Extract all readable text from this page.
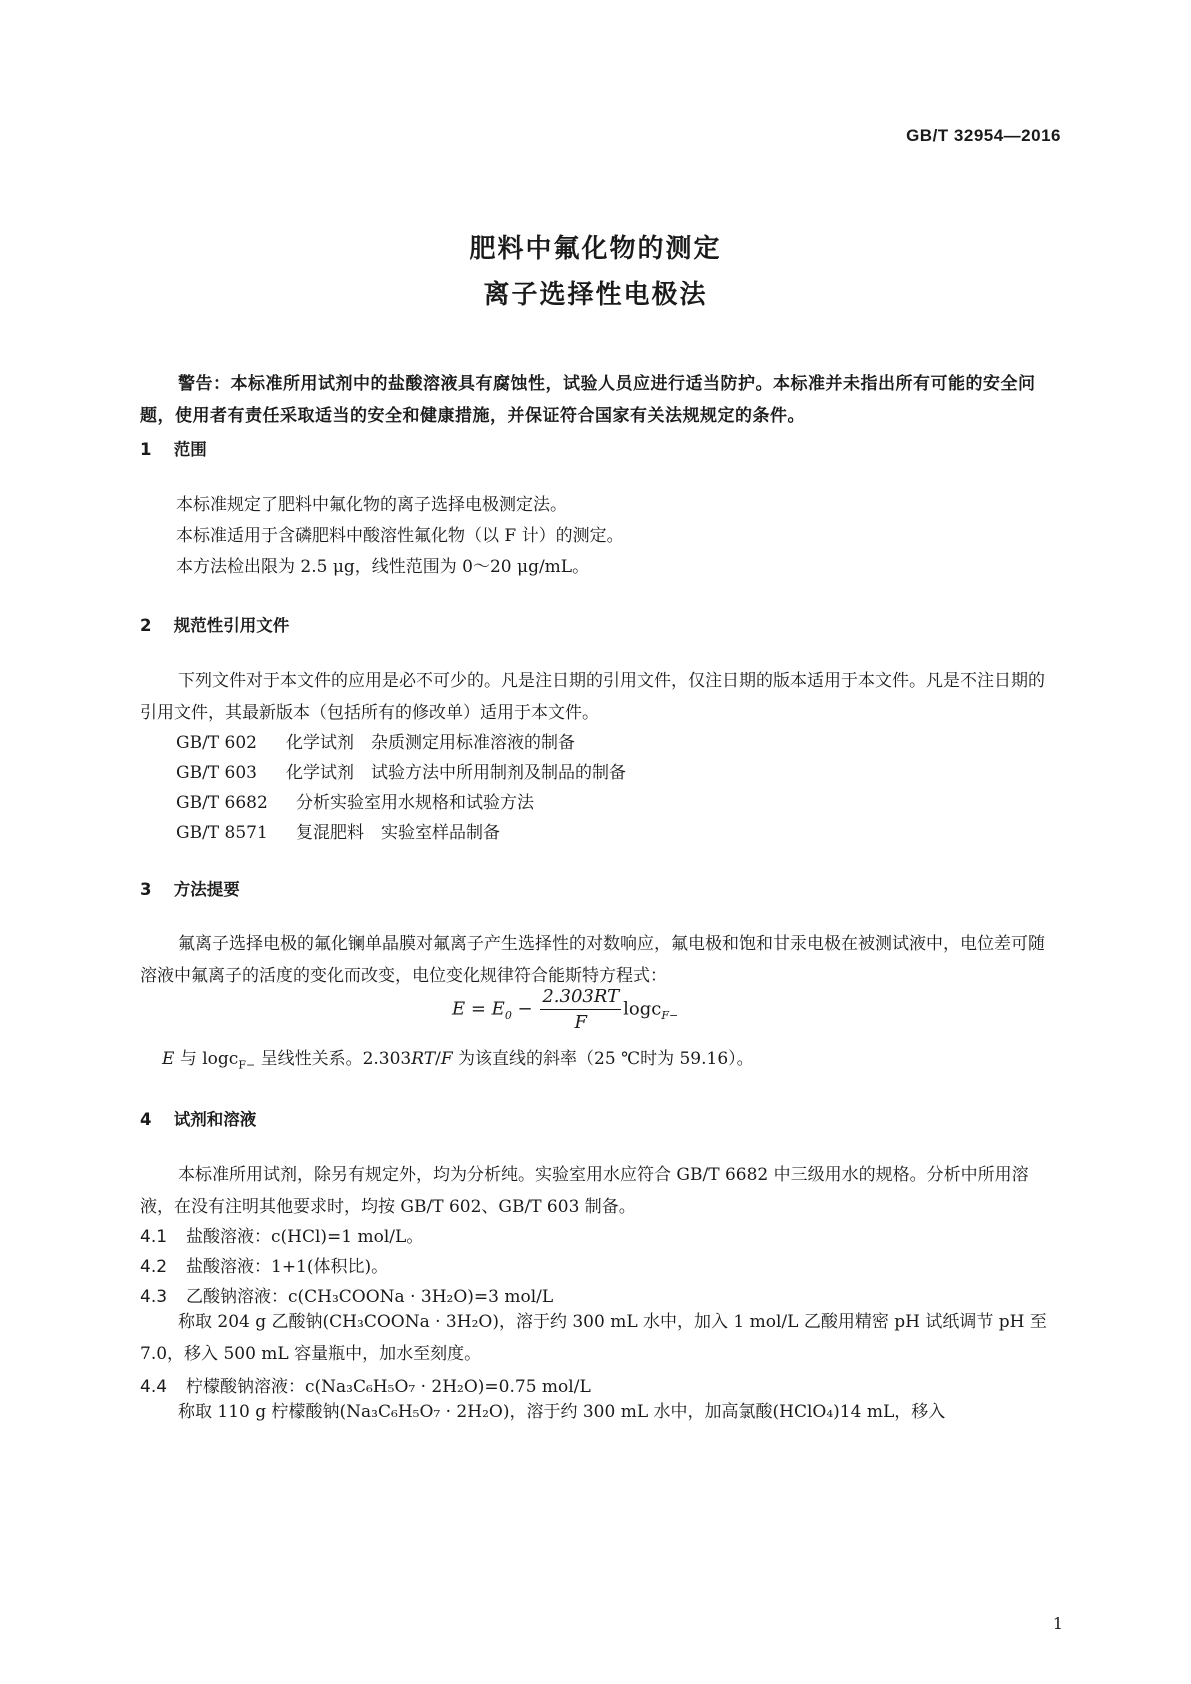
GB/T 32954—2016
肥料中氟化物的测定
离子选择性电极法
警告：本标准所用试剂中的盐酸溶液具有腐蚀性，试验人员应进行适当防护。本标准并未指出所有可能的安全问题，使用者有责任采取适当的安全和健康措施，并保证符合国家有关法规规定的条件。
1 范围
本标准规定了肥料中氟化物的离子选择电极测定法。
本标准适用于含磷肥料中酸溶性氟化物（以 F 计）的测定。
本方法检出限为 2.5 μg，线性范围为 0～20 μg/mL。
2 规范性引用文件
下列文件对于本文件的应用是必不可少的。凡是注日期的引用文件，仅注日期的版本适用于本文件。凡是不注日期的引用文件，其最新版本（包括所有的修改单）适用于本文件。
GB/T 602 化学试剂　杂质测定用标准溶液的制备
GB/T 603 化学试剂　试验方法中所用制剂及制品的制备
GB/T 6682 分析实验室用水规格和试验方法
GB/T 8571 复混肥料　实验室样品制备
3 方法提要
氟离子选择电极的氟化镧单晶膜对氟离子产生选择性的对数响应，氟电极和饱和甘汞电极在被测试液中，电位差可随溶液中氟离子的活度的变化而改变，电位变化规律符合能斯特方程式：
$E = E_0 - \frac{2.303RT}{F} \log c_{F-}$
E 与 logc$_{F-}$ 呈线性关系。2.303RT/F 为该直线的斜率（25 ℃时为 59.16）。
4 试剂和溶液
本标准所用试剂，除另有规定外，均为分析纯。实验室用水应符合 GB/T 6682 中三级用水的规格。分析中所用溶液，在没有注明其他要求时，均按 GB/T 602、GB/T 603 制备。
4.1 盐酸溶液：c(HCl)=1 mol/L。
4.2 盐酸溶液：1+1(体积比)。
4.3 乙酸钠溶液：c(CH₃COONa · 3H₂O)=3 mol/L
称取 204 g 乙酸钠(CH₃COONa · 3H₂O)，溶于约 300 mL 水中，加入 1 mol/L 乙酸用精密 pH 试纸调节 pH 至 7.0，移入 500 mL 容量瓶中，加水至刻度。
4.4 柠檬酸钠溶液：c(Na₃C₆H₅O₇ · 2H₂O)=0.75 mol/L
称取 110 g 柠檬酸钠(Na₃C₆H₅O₇ · 2H₂O)，溶于约 300 mL 水中，加高氯酸(HClO₄)14 mL，移入
1
